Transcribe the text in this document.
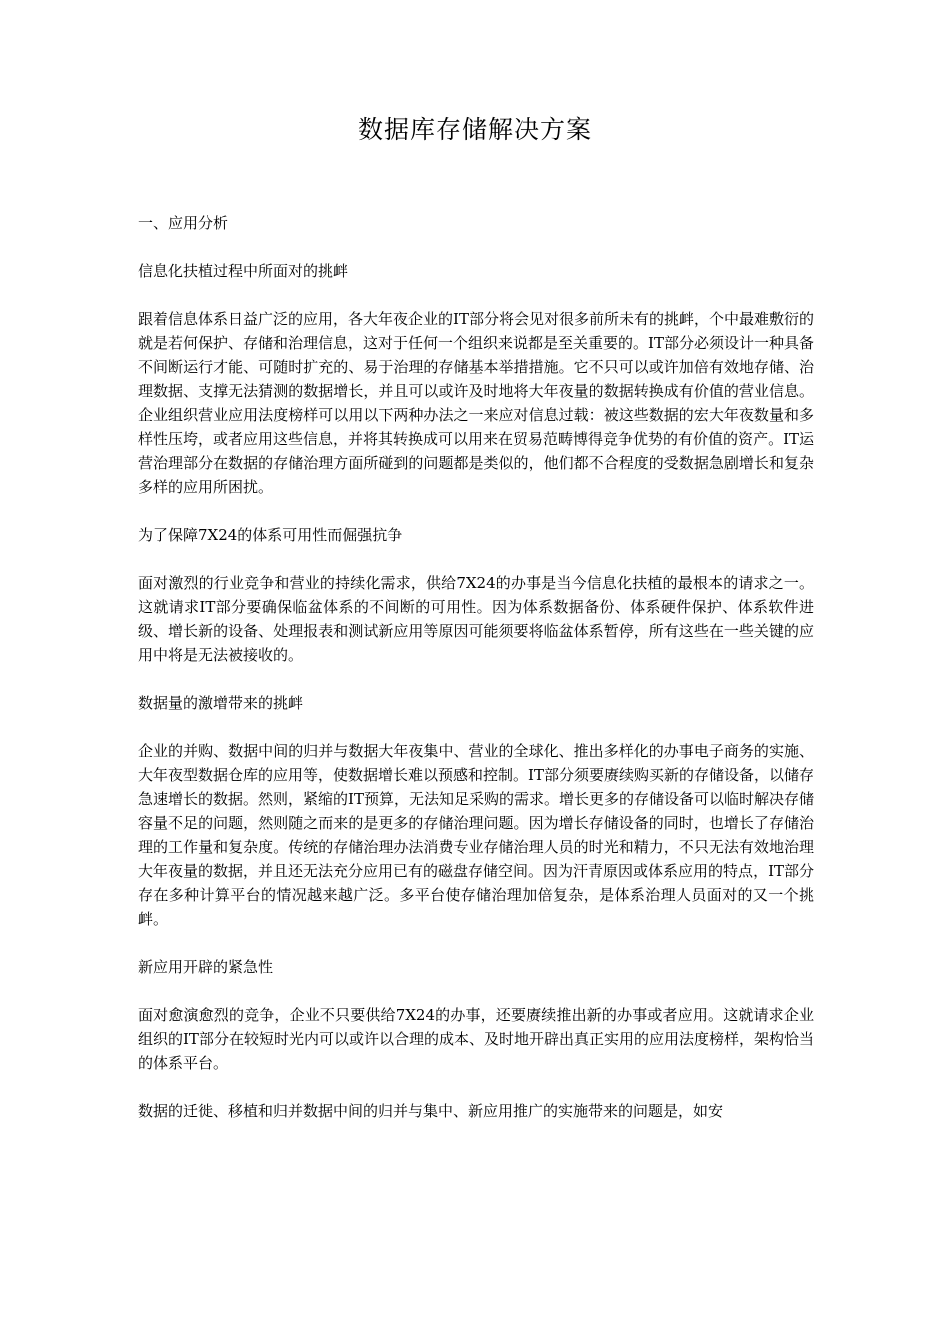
数据库存储解决方案

一、应用分析

信息化扶植过程中所面对的挑衅

跟着信息体系日益广泛的应用，各大年夜企业的IT部分将会见对很多前所未有的挑衅，个中最难敷衍的就是若何保护、存储和治理信息，这对于任何一个组织来说都是至关重要的。IT部分必须设计一种具备不间断运行才能、可随时扩充的、易于治理的存储基本举措措施。它不只可以或许加倍有效地存储、治理数据、支撑无法猜测的数据增长，并且可以或许及时地将大年夜量的数据转换成有价值的营业信息。企业组织营业应用法度榜样可以用以下两种办法之一来应对信息过载：被这些数据的宏大年夜数量和多样性压垮，或者应用这些信息，并将其转换成可以用来在贸易范畴博得竞争优势的有价值的资产。IT运营治理部分在数据的存储治理方面所碰到的问题都是类似的，他们都不合程度的受数据急剧增长和复杂多样的应用所困扰。

为了保障7X24的体系可用性而倔强抗争

面对激烈的行业竞争和营业的持续化需求，供给7X24的办事是当今信息化扶植的最根本的请求之一。这就请求IT部分要确保临盆体系的不间断的可用性。因为体系数据备份、体系硬件保护、体系软件进级、增长新的设备、处理报表和测试新应用等原因可能须要将临盆体系暂停，所有这些在一些关键的应用中将是无法被接收的。

数据量的激增带来的挑衅

企业的并购、数据中间的归并与数据大年夜集中、营业的全球化、推出多样化的办事电子商务的实施、大年夜型数据仓库的应用等，使数据增长难以预感和控制。IT部分须要赓续购买新的存储设备，以储存急速增长的数据。然则，紧缩的IT预算，无法知足采购的需求。增长更多的存储设备可以临时解决存储容量不足的问题，然则随之而来的是更多的存储治理问题。因为增长存储设备的同时，也增长了存储治理的工作量和复杂度。传统的存储治理办法消费专业存储治理人员的时光和精力，不只无法有效地治理大年夜量的数据，并且还无法充分应用已有的磁盘存储空间。因为汗青原因或体系应用的特点，IT部分存在多种计算平台的情况越来越广泛。多平台使存储治理加倍复杂，是体系治理人员面对的又一个挑衅。

新应用开辟的紧急性

面对愈演愈烈的竞争，企业不只要供给7X24的办事，还要赓续推出新的办事或者应用。这就请求企业组织的IT部分在较短时光内可以或许以合理的成本、及时地开辟出真正实用的应用法度榜样，架构恰当的体系平台。

数据的迁徙、移植和归并数据中间的归并与集中、新应用推广的实施带来的问题是，如安
